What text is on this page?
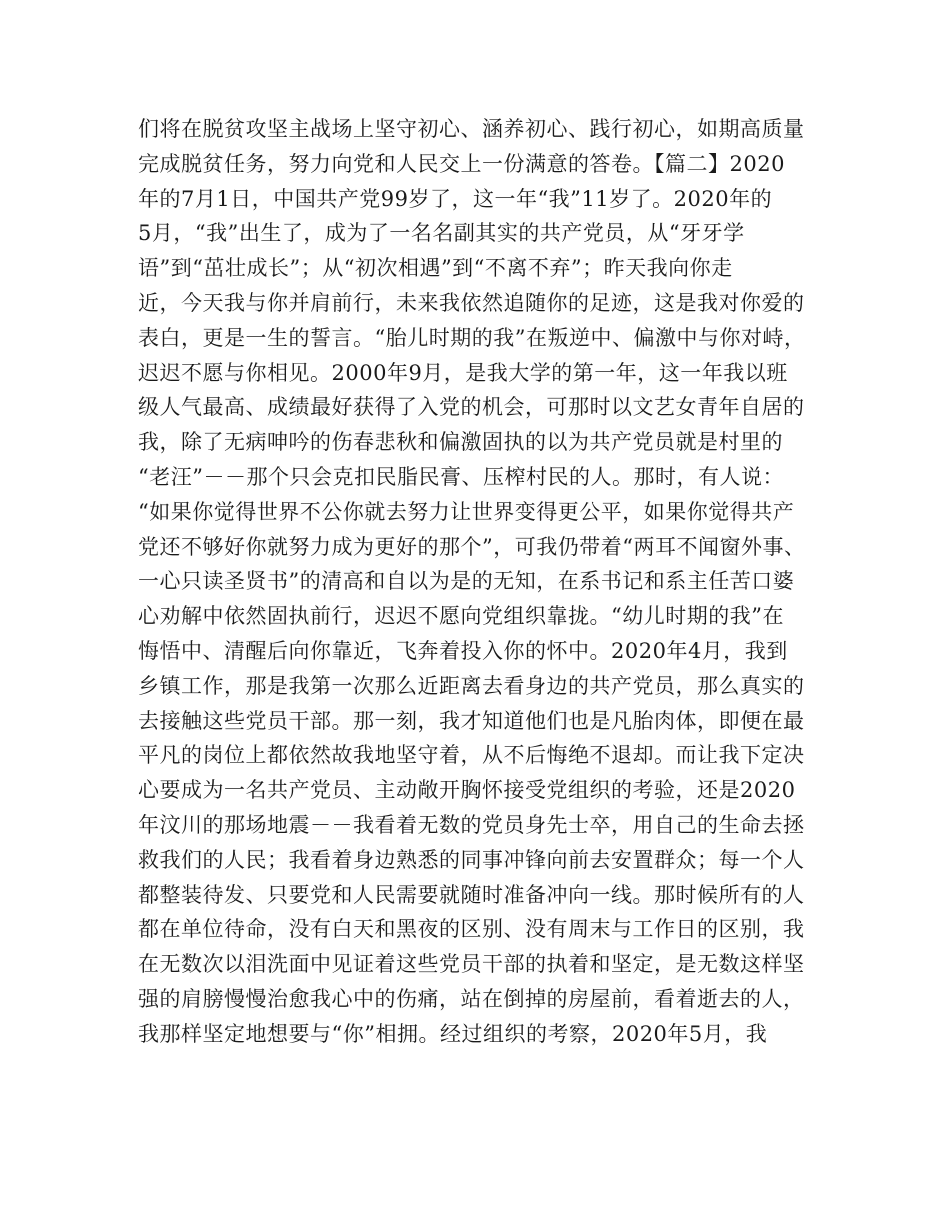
们将在脱贫攻坚主战场上坚守初心、涵养初心、践行初心，如期高质量
完成脱贫任务，努力向党和人民交上一份满意的答卷。【篇二】2020
年的7月1日，中国共产党99岁了，这一年“我”11岁了。2020年的
5月，“我”出生了，成为了一名名副其实的共产党员，从“牙牙学
语”到“茁壮成长”；从“初次相遇”到“不离不弃”；昨天我向你走
近，今天我与你并肩前行，未来我依然追随你的足迹，这是我对你爱的
表白，更是一生的誓言。“胎儿时期的我”在叛逆中、偏激中与你对峙，
迟迟不愿与你相见。2000年9月，是我大学的第一年，这一年我以班
级人气最高、成绩最好获得了入党的机会，可那时以文艺女青年自居的
我，除了无病呻吟的伤春悲秋和偏激固执的以为共产党员就是村里的
“老汪”－－那个只会克扣民脂民膏、压榨村民的人。那时，有人说：
“如果你觉得世界不公你就去努力让世界变得更公平，如果你觉得共产
党还不够好你就努力成为更好的那个”，可我仍带着“两耳不闻窗外事、
一心只读圣贤书”的清高和自以为是的无知，在系书记和系主任苦口婆
心劝解中依然固执前行，迟迟不愿向党组织靠拢。“幼儿时期的我”在
悔悟中、清醒后向你靠近，飞奔着投入你的怀中。2020年4月，我到
乡镇工作，那是我第一次那么近距离去看身边的共产党员，那么真实的
去接触这些党员干部。那一刻，我才知道他们也是凡胎肉体，即便在最
平凡的岗位上都依然故我地坚守着，从不后悔绝不退却。而让我下定决
心要成为一名共产党员、主动敞开胸怀接受党组织的考验，还是2020
年汶川的那场地震－－我看着无数的党员身先士卒，用自己的生命去拯
救我们的人民；我看着身边熟悉的同事冲锋向前去安置群众；每一个人
都整装待发、只要党和人民需要就随时准备冲向一线。那时候所有的人
都在单位待命，没有白天和黑夜的区别、没有周末与工作日的区别，我
在无数次以泪洗面中见证着这些党员干部的执着和坚定，是无数这样坚
强的肩膀慢慢治愈我心中的伤痛，站在倒掉的房屋前，看着逝去的人，
我那样坚定地想要与“你”相拥。经过组织的考察，2020年5月，我
